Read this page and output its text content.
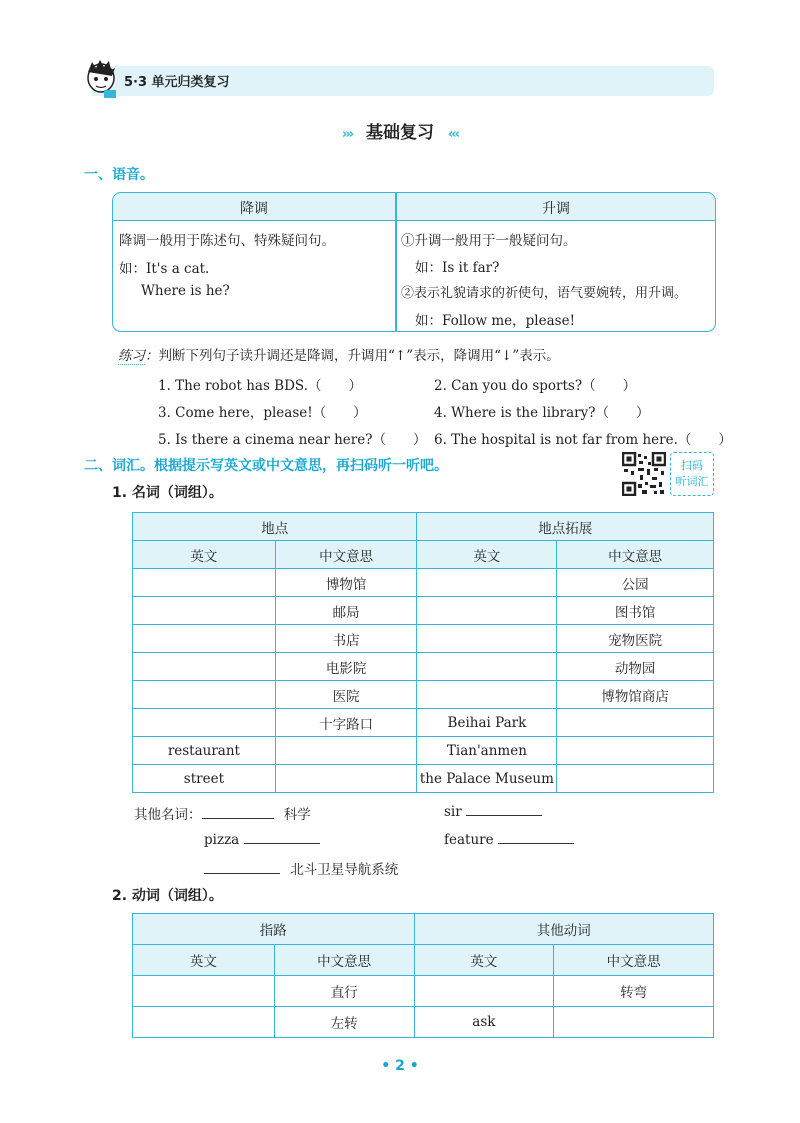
5·3 单元归类复习
››› 基础复习 ‹‹‹
一、语音。
降调	升调
降调一般用于陈述句、特殊疑问句。
如：It's a cat.
Where is he?
①升调一般用于一般疑问句。
如：Is it far?
②表示礼貌请求的祈使句，语气要婉转，用升调。
如：Follow me，please!
练习：判断下列句子读升调还是降调，升调用“↑”表示，降调用“↓”表示。
1. The robot has BDS.（　　）	2. Can you do sports?（　　）
3. Come here，please!（　　）	4. Where is the library?（　　）
5. Is there a cinema near here?（　　） 6. The hospital is not far from here.（　　）
二、词汇。根据提示写英文或中文意思，再扫码听一听吧。	扫码
听词汇
1. 名词（词组）。
地点		地点拓展	
英文	中文意思	英文	中文意思
	博物馆		公园
	邮局		图书馆
	书店		宠物医院
	电影院		动物园
	医院		博物馆商店
	十字路口	Beihai Park	
restaurant		Tian'anmen	
street		the Palace Museum	
其他名词：	科学	sir
pizza	feature
北斗卫星导航系统
2. 动词（词组）。
指路		其他动词	
英文	中文意思	英文	中文意思
	直行		转弯
	左转	ask	
• 2 •
